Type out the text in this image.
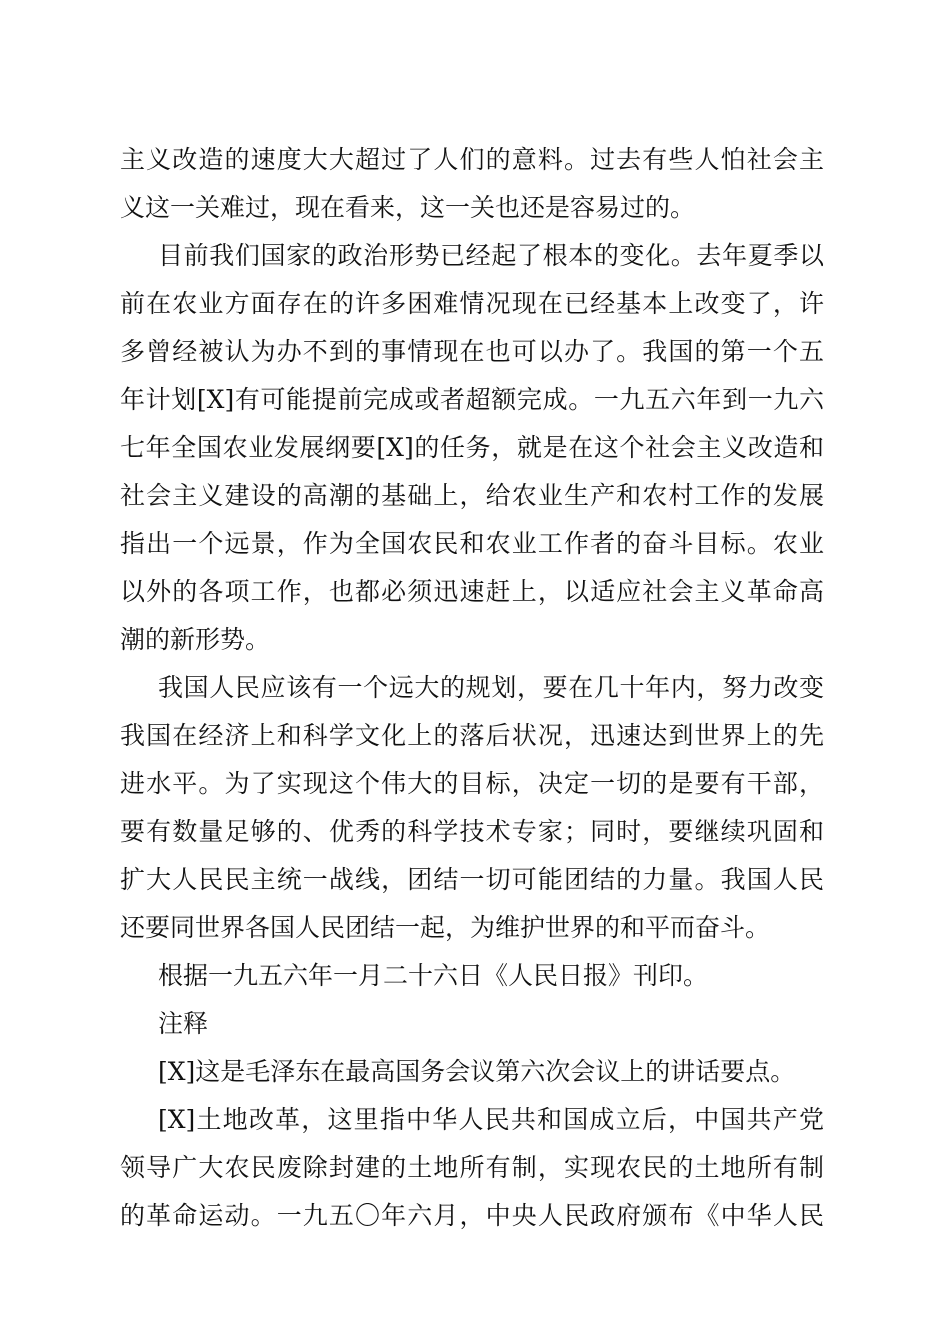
主义改造的速度大大超过了人们的意料。过去有些人怕社会主
义这一关难过，现在看来，这一关也还是容易过的。
目前我们国家的政治形势已经起了根本的变化。去年夏季以
前在农业方面存在的许多困难情况现在已经基本上改变了，许
多曾经被认为办不到的事情现在也可以办了。我国的第一个五
年计划[X]有可能提前完成或者超额完成。一九五六年到一九六
七年全国农业发展纲要[X]的任务，就是在这个社会主义改造和
社会主义建设的高潮的基础上，给农业生产和农村工作的发展
指出一个远景，作为全国农民和农业工作者的奋斗目标。农业
以外的各项工作，也都必须迅速赶上，以适应社会主义革命高
潮的新形势。
我国人民应该有一个远大的规划，要在几十年内，努力改变
我国在经济上和科学文化上的落后状况，迅速达到世界上的先
进水平。为了实现这个伟大的目标，决定一切的是要有干部，
要有数量足够的、优秀的科学技术专家；同时，要继续巩固和
扩大人民民主统一战线，团结一切可能团结的力量。我国人民
还要同世界各国人民团结一起，为维护世界的和平而奋斗。
根据一九五六年一月二十六日《人民日报》刊印。
注释
[X]这是毛泽东在最高国务会议第六次会议上的讲话要点。
[X]土地改革，这里指中华人民共和国成立后，中国共产党
领导广大农民废除封建的土地所有制，实现农民的土地所有制
的革命运动。一九五〇年六月，中央人民政府颁布《中华人民
